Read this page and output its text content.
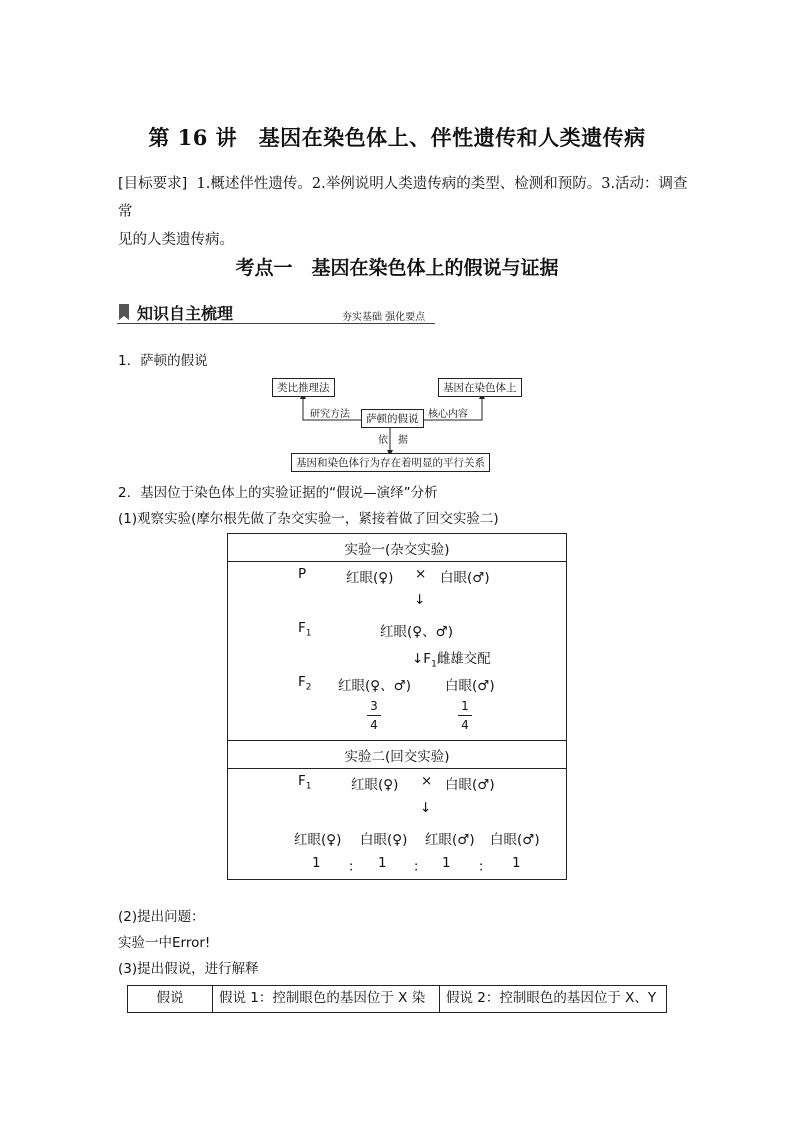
第 16 讲　基因在染色体上、伴性遗传和人类遗传病
[目标要求] 1.概述伴性遗传。2.举例说明人类遗传病的类型、检测和预防。3.活动：调查常
见的人类遗传病。
考点一　基因在染色体上的假说与证据
知识自主梳理	夯实基础 强化要点
1．萨顿的假说
类比推理法	基因在染色体上
研究方法	核心内容
萨顿的假说
依　据
基因和染色体行为存在着明显的平行关系
2．基因位于染色体上的实验证据的“假说—演绎”分析
(1)观察实验(摩尔根先做了杂交实验一，紧接着做了回交实验二)
实验一(杂交实验)

P	红眼(♀) × 白眼(♂)
↓
$F_1$	红眼(♀、♂)
$↓F_1$雌雄交配
$F_2$ 红眼(♀、♂)	白眼(♂)
3
4
1
4

实验二(回交实验)

$F_1$	红眼(♀) × 白眼(♂)
↓
红眼(♀) 白眼(♀) 红眼(♂) 白眼(♂)
1 ： 1 ： 1 ： 1
(2)提出问题：
实验一中Error!
(3)提出假说，进行解释
假说	假说 1：控制眼色的基因位于 X 染	假说 2：控制眼色的基因位于 X、Y
